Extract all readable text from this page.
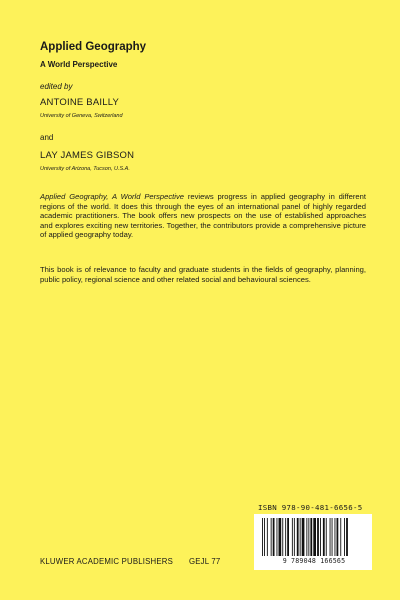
Applied Geography
A World Perspective
edited by
ANTOINE BAILLY
University of Geneva, Switzerland
and
LAY JAMES GIBSON
University of Arizona, Tucson, U.S.A.

Applied Geography, A World Perspective reviews progress in applied geography in different regions of the world. It does this through the eyes of an international panel of highly regarded academic practitioners. The book offers new prospects on the use of established approaches and explores exciting new territories. Together, the contributors provide a comprehensive picture of applied geography today.

This book is of relevance to faculty and graduate students in the fields of geography, planning, public policy, regional science and other related social and behavioural sciences.

KLUWER ACADEMIC PUBLISHERS GEJL 77
ISBN 978-90-481-6656-5
9 789048 166565
